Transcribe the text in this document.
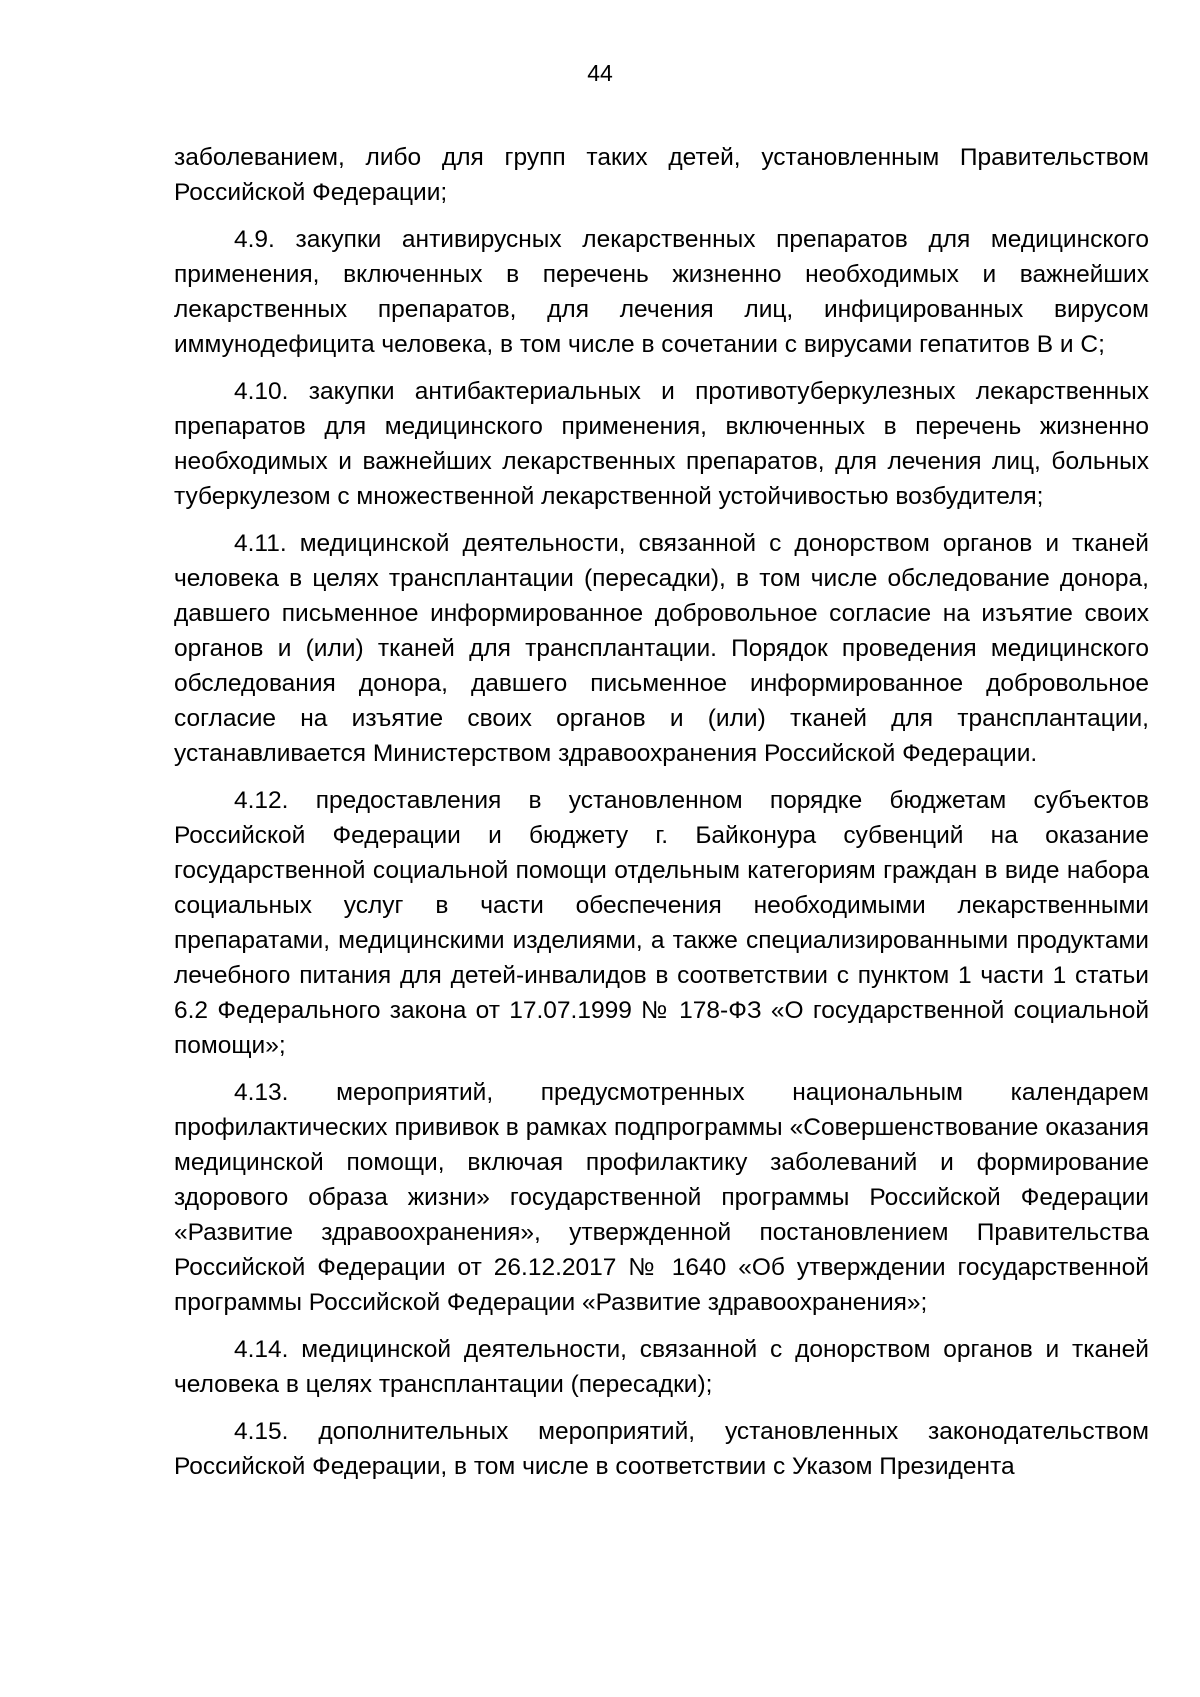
44

заболеванием, либо для групп таких детей, установленным Правительством Российской Федерации;

4.9. закупки антивирусных лекарственных препаратов для медицинского применения, включенных в перечень жизненно необходимых и важнейших лекарственных препаратов, для лечения лиц, инфицированных вирусом иммунодефицита человека, в том числе в сочетании с вирусами гепатитов B и C;

4.10. закупки антибактериальных и противотуберкулезных лекарственных препаратов для медицинского применения, включенных в перечень жизненно необходимых и важнейших лекарственных препаратов, для лечения лиц, больных туберкулезом с множественной лекарственной устойчивостью возбудителя;

4.11. медицинской деятельности, связанной с донорством органов и тканей человека в целях трансплантации (пересадки), в том числе обследование донора, давшего письменное информированное добровольное согласие на изъятие своих органов и (или) тканей для трансплантации. Порядок проведения медицинского обследования донора, давшего письменное информированное добровольное согласие на изъятие своих органов и (или) тканей для трансплантации, устанавливается Министерством здравоохранения Российской Федерации.

4.12. предоставления в установленном порядке бюджетам субъектов Российской Федерации и бюджету г. Байконура субвенций на оказание государственной социальной помощи отдельным категориям граждан в виде набора социальных услуг в части обеспечения необходимыми лекарственными препаратами, медицинскими изделиями, а также специализированными продуктами лечебного питания для детей-инвалидов в соответствии с пунктом 1 части 1 статьи 6.2 Федерального закона от 17.07.1999 № 178-ФЗ «О государственной социальной помощи»;

4.13. мероприятий, предусмотренных национальным календарем профилактических прививок в рамках подпрограммы «Совершенствование оказания медицинской помощи, включая профилактику заболеваний и формирование здорового образа жизни» государственной программы Российской Федерации «Развитие здравоохранения», утвержденной постановлением Правительства Российской Федерации от 26.12.2017 № 1640 «Об утверждении государственной программы Российской Федерации «Развитие здравоохранения»;

4.14. медицинской деятельности, связанной с донорством органов и тканей человека в целях трансплантации (пересадки);

4.15. дополнительных мероприятий, установленных законодательством Российской Федерации, в том числе в соответствии с Указом Президента
